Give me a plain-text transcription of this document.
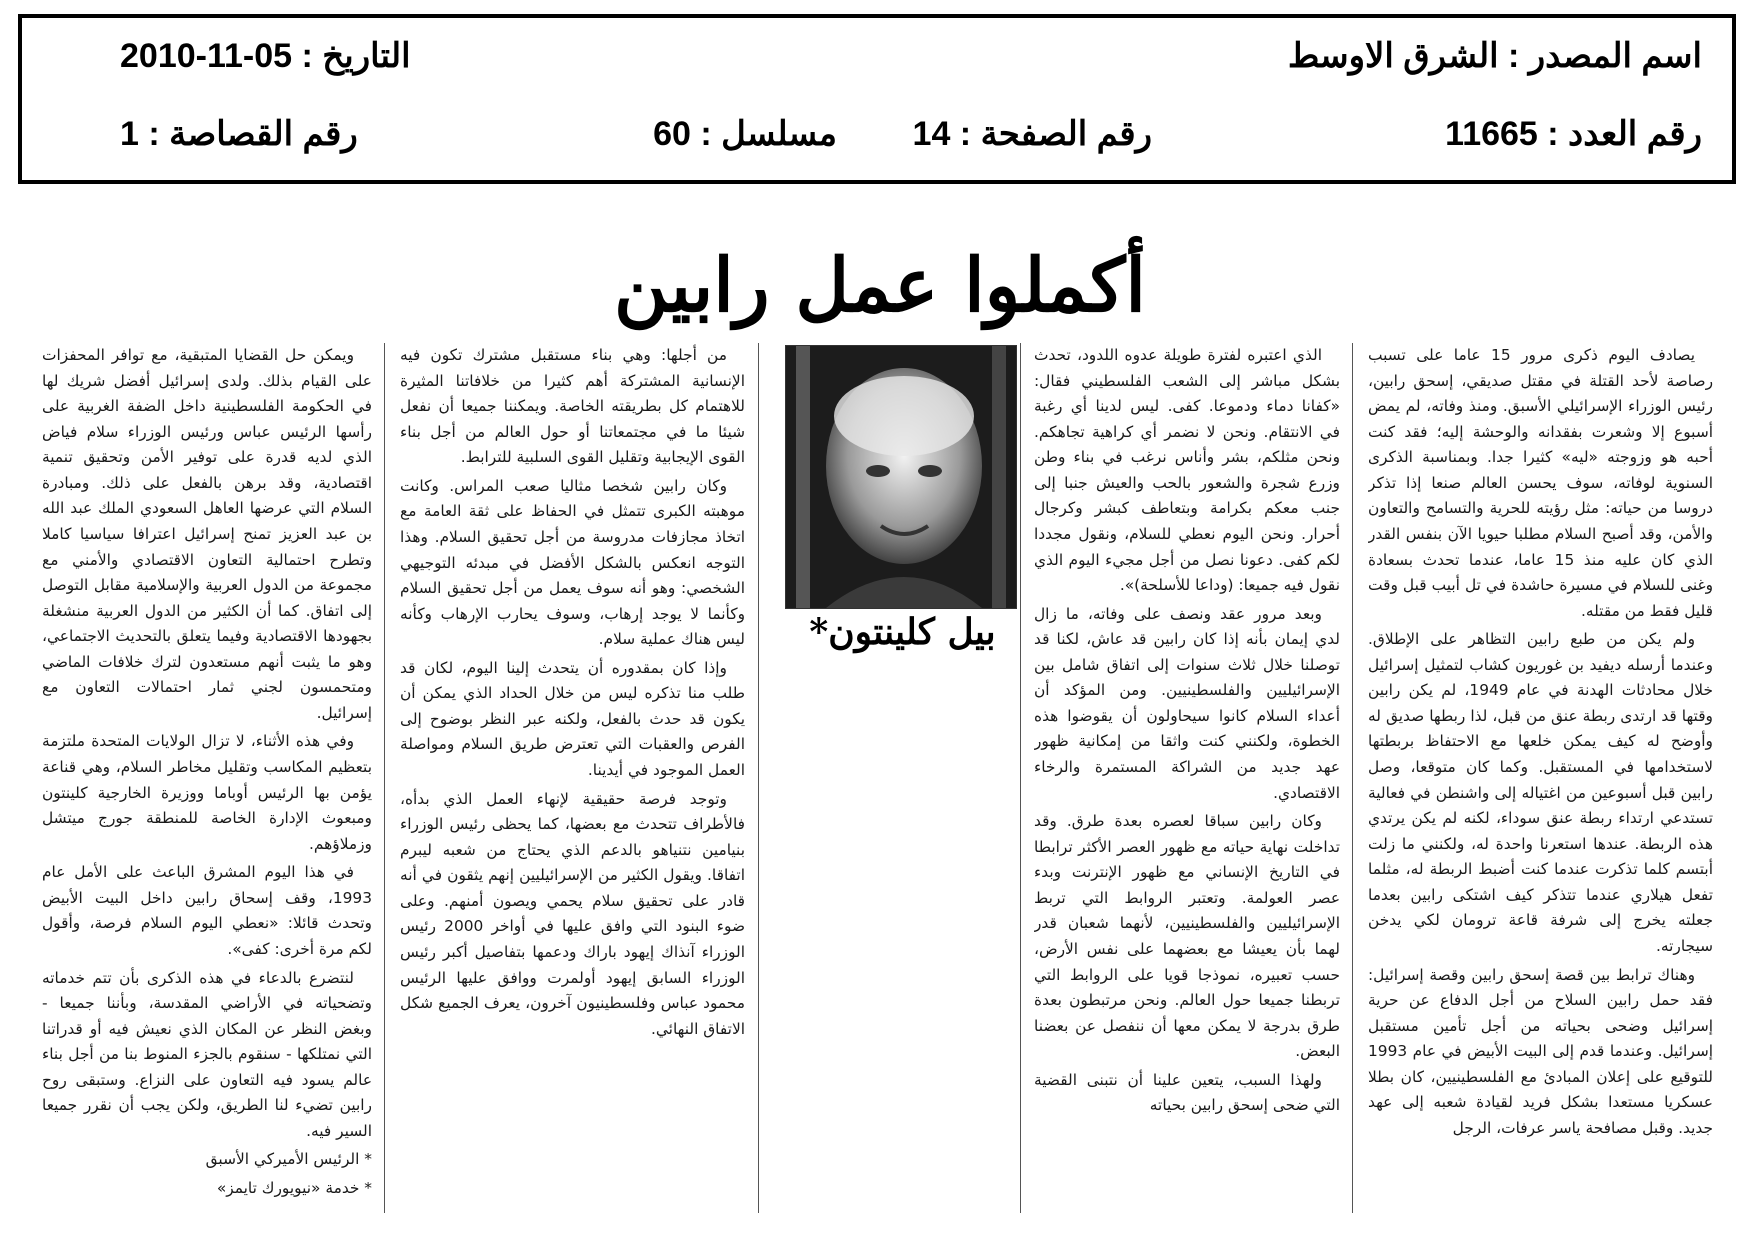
اسم المصدر : الشرق الاوسط
التاريخ : 05-11-2010
رقم العدد : 11665
رقم الصفحة : 14
مسلسل : 60
رقم القصاصة : 1
أكملوا عمل رابين

يصادف اليوم ذكرى مرور 15 عاما على تسبب رصاصة لأحد القتلة في مقتل صديقي، إسحق رابين، رئيس الوزراء الإسرائيلي الأسبق. ومنذ وفاته، لم يمض أسبوع إلا وشعرت بفقدانه والوحشة إليه؛ فقد كنت أحبه هو وزوجته «ليه» كثيرا جدا. وبمناسبة الذكرى السنوية لوفاته، سوف يحسن العالم صنعا إذا تذكر دروسا من حياته: مثل رؤيته للحرية والتسامح والتعاون والأمن، وقد أصبح السلام مطلبا حيويا الآن بنفس القدر الذي كان عليه منذ 15 عاما، عندما تحدث بسعادة وغنى للسلام في مسيرة حاشدة في تل أبيب قبل وقت قليل فقط من مقتله.

ولم يكن من طبع رابين التظاهر على الإطلاق. وعندما أرسله ديفيد بن غوريون كشاب لتمثيل إسرائيل خلال محادثات الهدنة في عام 1949، لم يكن رابين وقتها قد ارتدى ربطة عنق من قبل، لذا ربطها صديق له وأوضح له كيف يمكن خلعها مع الاحتفاظ بربطتها لاستخدامها في المستقبل. وكما كان متوقعا، وصل رابين قبل أسبوعين من اغتياله إلى واشنطن في فعالية تستدعي ارتداء ربطة عنق سوداء، لكنه لم يكن يرتدي هذه الربطة. عندها استعرنا واحدة له، ولكنني ما زلت أبتسم كلما تذكرت عندما كنت أضبط الربطة له، مثلما تفعل هيلاري عندما تتذكر كيف اشتكى رابين بعدما جعلته يخرج إلى شرفة قاعة ترومان لكي يدخن سيجارته.

وهناك ترابط بين قصة إسحق رابين وقصة إسرائيل: فقد حمل رابين السلاح من أجل الدفاع عن حرية إسرائيل وضحى بحياته من أجل تأمين مستقبل إسرائيل. وعندما قدم إلى البيت الأبيض في عام 1993 للتوقيع على إعلان المبادئ مع الفلسطينيين، كان بطلا عسكريا مستعدا بشكل فريد لقيادة شعبه إلى عهد جديد. وقبل مصافحة ياسر عرفات، الرجل

الذي اعتبره لفترة طويلة عدوه اللدود، تحدث بشكل مباشر إلى الشعب الفلسطيني فقال: «كفانا دماء ودموعا. كفى. ليس لدينا أي رغبة في الانتقام. ونحن لا نضمر أي كراهية تجاهكم. ونحن مثلكم، بشر وأناس نرغب في بناء وطن وزرع شجرة والشعور بالحب والعيش جنبا إلى جنب معكم بكرامة وبتعاطف كبشر وكرجال أحرار. ونحن اليوم نعطي للسلام، ونقول مجددا لكم كفى. دعونا نصل من أجل مجيء اليوم الذي نقول فيه جميعا: (وداعا للأسلحة)».

وبعد مرور عقد ونصف على وفاته، ما زال لدي إيمان بأنه إذا كان رابين قد عاش، لكنا قد توصلنا خلال ثلاث سنوات إلى اتفاق شامل بين الإسرائيليين والفلسطينيين. ومن المؤكد أن أعداء السلام كانوا سيحاولون أن يقوضوا هذه الخطوة، ولكنني كنت واثقا من إمكانية ظهور عهد جديد من الشراكة المستمرة والرخاء الاقتصادي.

وكان رابين سباقا لعصره بعدة طرق. وقد تداخلت نهاية حياته مع ظهور العصر الأكثر ترابطا في التاريخ الإنساني مع ظهور الإنترنت وبدء عصر العولمة. وتعتبر الروابط التي تربط الإسرائيليين والفلسطينيين، لأنهما شعبان قدر لهما بأن يعيشا مع بعضهما على نفس الأرض، حسب تعبيره، نموذجا قويا على الروابط التي تربطنا جميعا حول العالم. ونحن مرتبطون بعدة طرق بدرجة لا يمكن معها أن ننفصل عن بعضنا البعض.

ولهذا السبب، يتعين علينا أن نتبنى القضية التي ضحى إسحق رابين بحياته

بيل كلينتون*

من أجلها: وهي بناء مستقبل مشترك تكون فيه الإنسانية المشتركة أهم كثيرا من خلافاتنا المثيرة للاهتمام كل بطريقته الخاصة. ويمكننا جميعا أن نفعل شيئا ما في مجتمعاتنا أو حول العالم من أجل بناء القوى الإيجابية وتقليل القوى السلبية للترابط.

وكان رابين شخصا مثاليا صعب المراس. وكانت موهبته الكبرى تتمثل في الحفاظ على ثقة العامة مع اتخاذ مجازفات مدروسة من أجل تحقيق السلام. وهذا التوجه انعكس بالشكل الأفضل في مبدئه التوجيهي الشخصي: وهو أنه سوف يعمل من أجل تحقيق السلام وكأنما لا يوجد إرهاب، وسوف يحارب الإرهاب وكأنه ليس هناك عملية سلام.

وإذا كان بمقدوره أن يتحدث إلينا اليوم، لكان قد طلب منا تذكره ليس من خلال الحداد الذي يمكن أن يكون قد حدث بالفعل، ولكنه عبر النظر بوضوح إلى الفرص والعقبات التي تعترض طريق السلام ومواصلة العمل الموجود في أيدينا.

وتوجد فرصة حقيقية لإنهاء العمل الذي بدأه، فالأطراف تتحدث مع بعضها، كما يحظى رئيس الوزراء بنيامين نتنياهو بالدعم الذي يحتاج من شعبه ليبرم اتفاقا. ويقول الكثير من الإسرائيليين إنهم يثقون في أنه قادر على تحقيق سلام يحمي ويصون أمنهم. وعلى ضوء البنود التي وافق عليها في أواخر 2000 رئيس الوزراء آنذاك إيهود باراك ودعمها بتفاصيل أكبر رئيس الوزراء السابق إيهود أولمرت ووافق عليها الرئيس محمود عباس وفلسطينيون آخرون، يعرف الجميع شكل الاتفاق النهائي.

ويمكن حل القضايا المتبقية، مع توافر المحفزات على القيام بذلك. ولدى إسرائيل أفضل شريك لها في الحكومة الفلسطينية داخل الضفة الغربية على رأسها الرئيس عباس ورئيس الوزراء سلام فياض الذي لديه قدرة على توفير الأمن وتحقيق تنمية اقتصادية، وقد برهن بالفعل على ذلك. ومبادرة السلام التي عرضها العاهل السعودي الملك عبد الله بن عبد العزيز تمنح إسرائيل اعترافا سياسيا كاملا وتطرح احتمالية التعاون الاقتصادي والأمني مع مجموعة من الدول العربية والإسلامية مقابل التوصل إلى اتفاق. كما أن الكثير من الدول العربية منشغلة بجهودها الاقتصادية وفيما يتعلق بالتحديث الاجتماعي، وهو ما يثبت أنهم مستعدون لترك خلافات الماضي ومتحمسون لجني ثمار احتمالات التعاون مع إسرائيل.

وفي هذه الأثناء، لا تزال الولايات المتحدة ملتزمة بتعظيم المكاسب وتقليل مخاطر السلام، وهي قناعة يؤمن بها الرئيس أوباما ووزيرة الخارجية كلينتون ومبعوث الإدارة الخاصة للمنطقة جورج ميتشل وزملاؤهم.

في هذا اليوم المشرق الباعث على الأمل عام 1993، وقف إسحاق رابين داخل البيت الأبيض وتحدث قائلا: «نعطي اليوم السلام فرصة، وأقول لكم مرة أخرى: كفى».

لنتضرع بالدعاء في هذه الذكرى بأن تتم خدماته وتضحياته في الأراضي المقدسة، وبأننا جميعا - وبغض النظر عن المكان الذي نعيش فيه أو قدراتنا التي نمتلكها - سنقوم بالجزء المنوط بنا من أجل بناء عالم يسود فيه التعاون على النزاع. وستبقى روح رابين تضيء لنا الطريق، ولكن يجب أن نقرر جميعا السير فيه.

* الرئيس الأميركي الأسبق

* خدمة «نيويورك تايمز»
